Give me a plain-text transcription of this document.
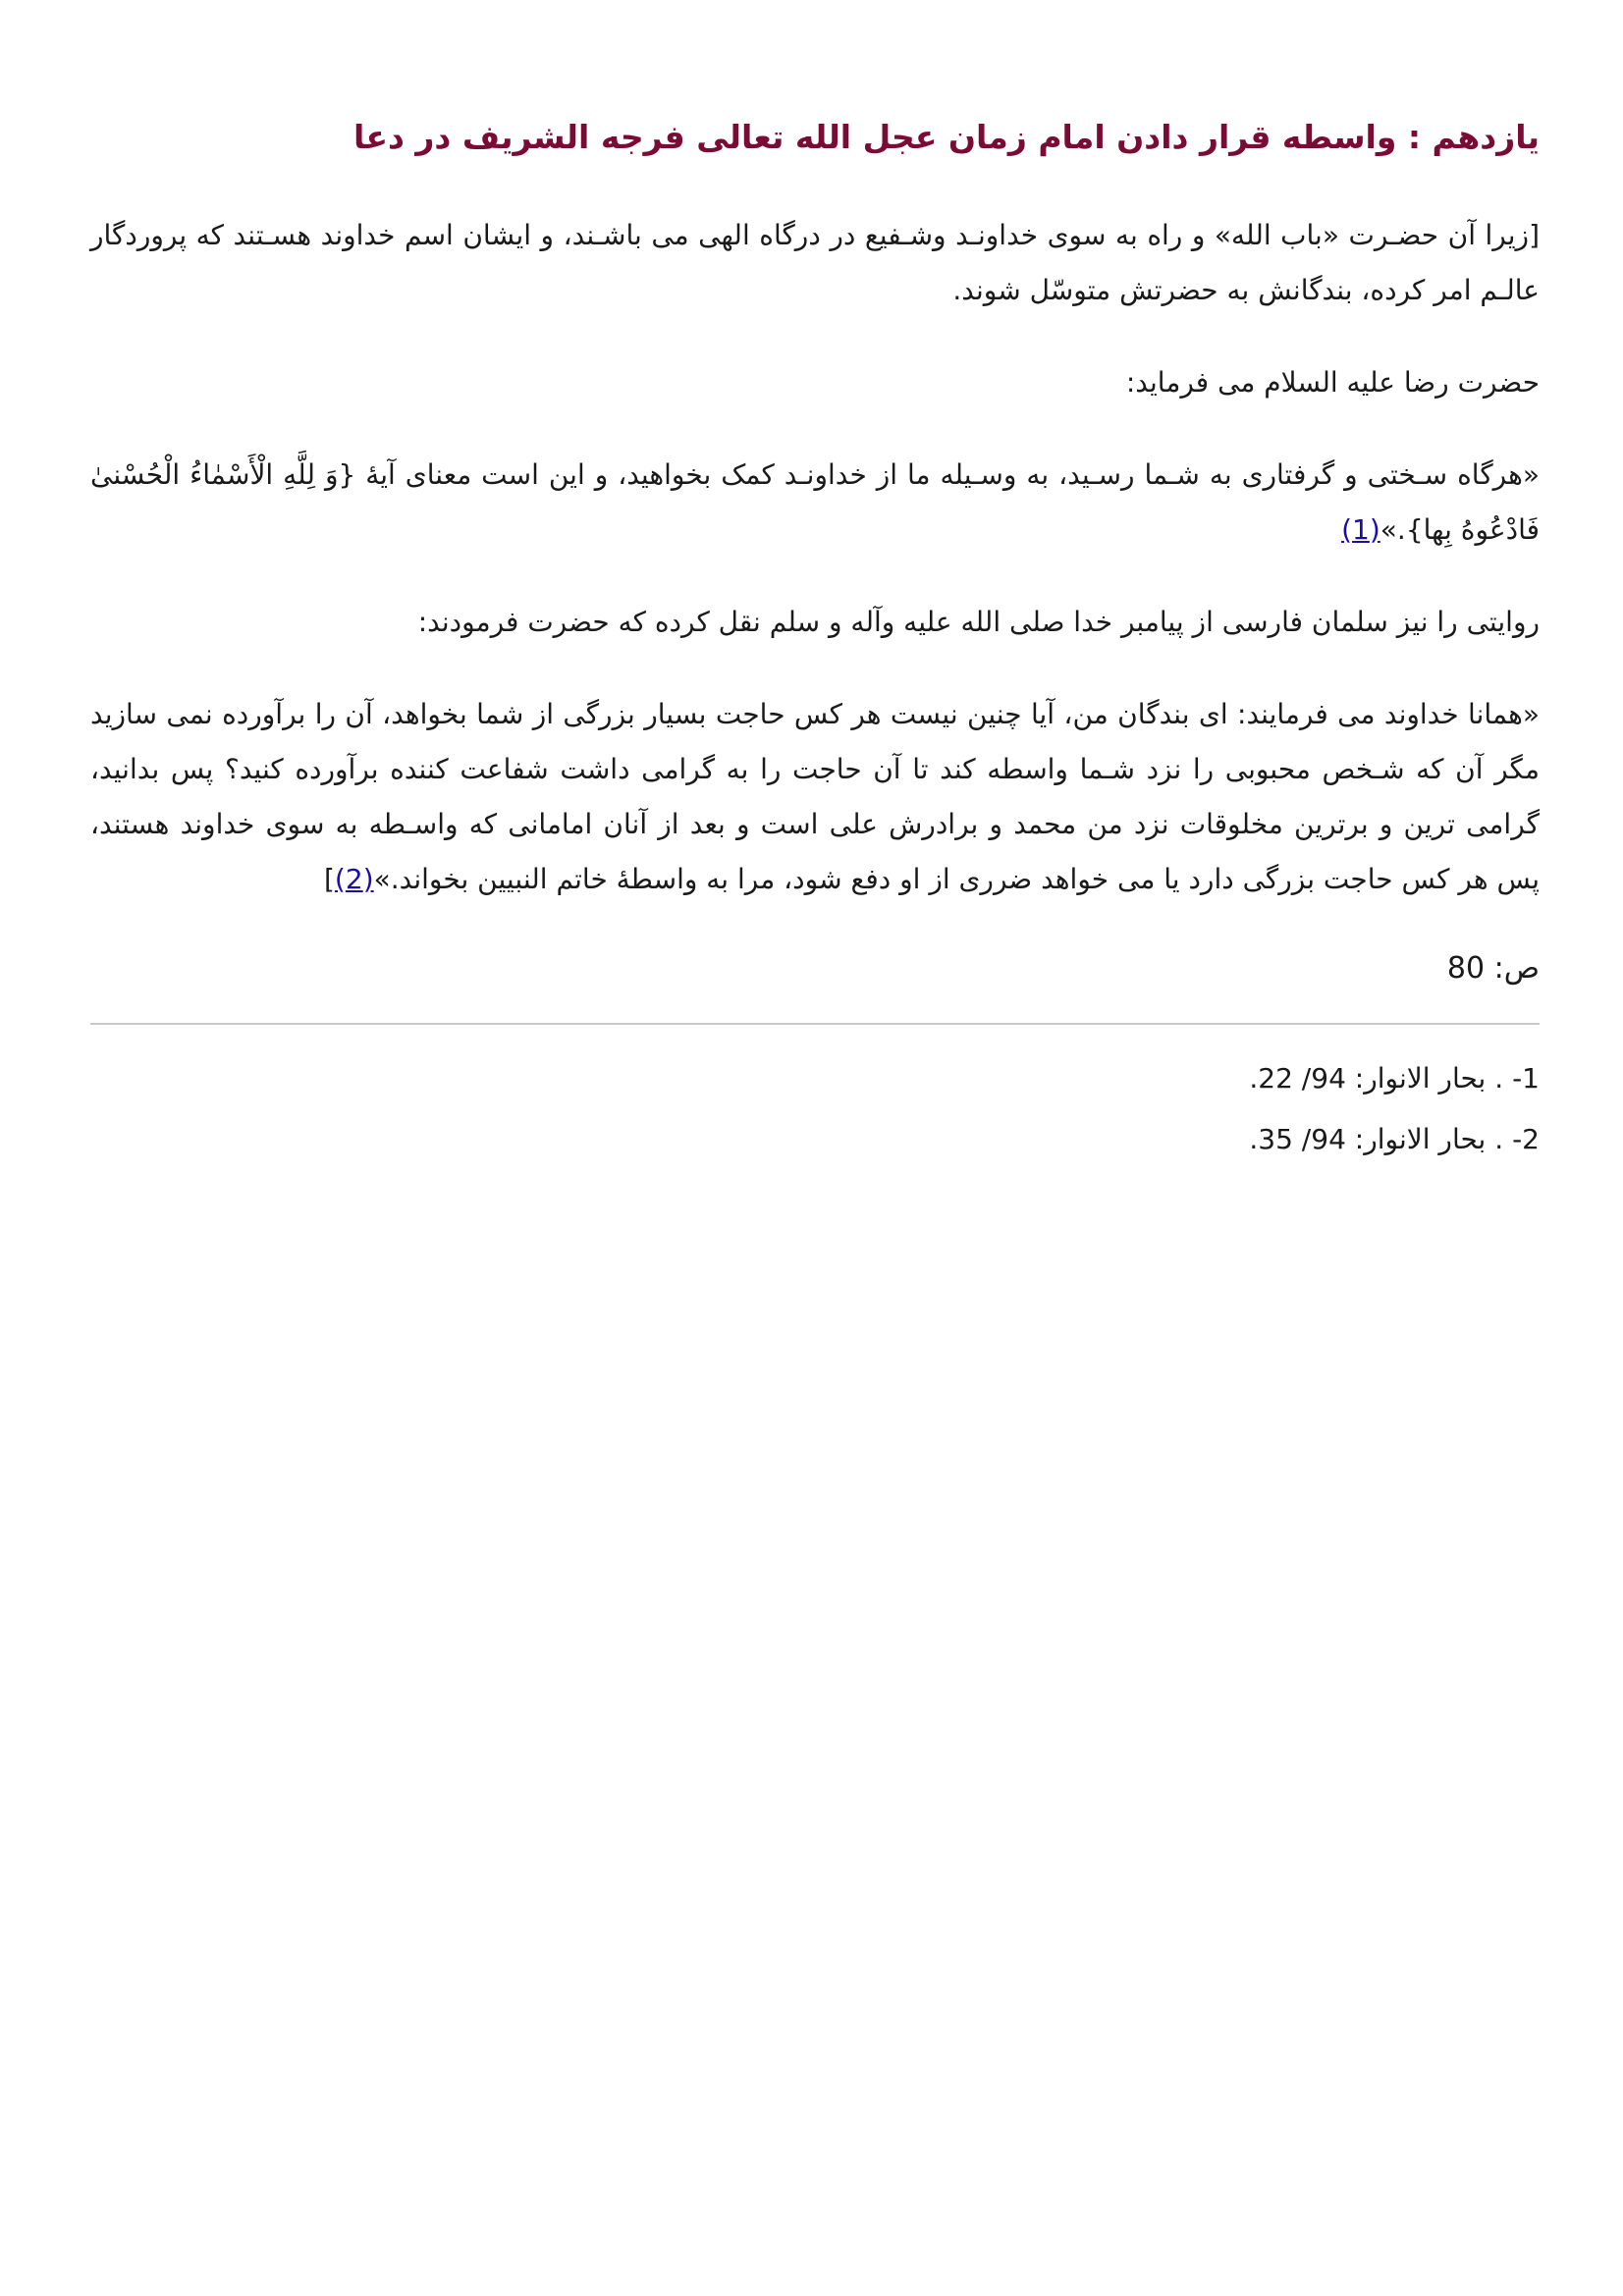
یازدهم : واسطه قرار دادن امام زمان عجل الله تعالی فرجه الشریف در دعا

[زیرا آن حضـرت «باب الله» و راه به سوی خداونـد وشـفیع در درگاه الهی می باشـند، و ایشان اسم خداوند هسـتند که پروردگار عالـم امر کرده، بندگانش به حضرتش متوسّل شوند.

حضرت رضا علیه السلام می فرماید:

«هرگاه سـختی و گرفتاری به شـما رسـید، به وسـیله ما از خداونـد کمک بخواهید، و این است معنای آیهٔ {وَ لِلَّهِ الْأَسْمٰاءُ الْحُسْنیٰ فَادْعُوهُ بِها}.»(1)

روایتی را نیز سلمان فارسی از پیامبر خدا صلی الله علیه وآله و سلم نقل کرده که حضرت فرمودند:

«همانا خداوند می فرمایند: ای بندگان من، آیا چنین نیست هر کس حاجت بسیار بزرگی از شما بخواهد، آن را برآورده نمی سازید مگر آن که شـخص محبوبی را نزد شـما واسطه کند تا آن حاجت را به گرامی داشت شفاعت کننده برآورده کنید؟ پس بدانید، گرامی ترین و برترین مخلوقات نزد من محمد و برادرش علی است و بعد از آنان امامانی که واسـطه به سوی خداوند هستند، پس هر کس حاجت بزرگی دارد یا می خواهد ضرری از او دفع شود، مرا به واسطهٔ خاتم النبیین بخواند.»(2)]

ص: 80
1- . بحار الانوار: 94/ 22.
2- . بحار الانوار: 94/ 35.
